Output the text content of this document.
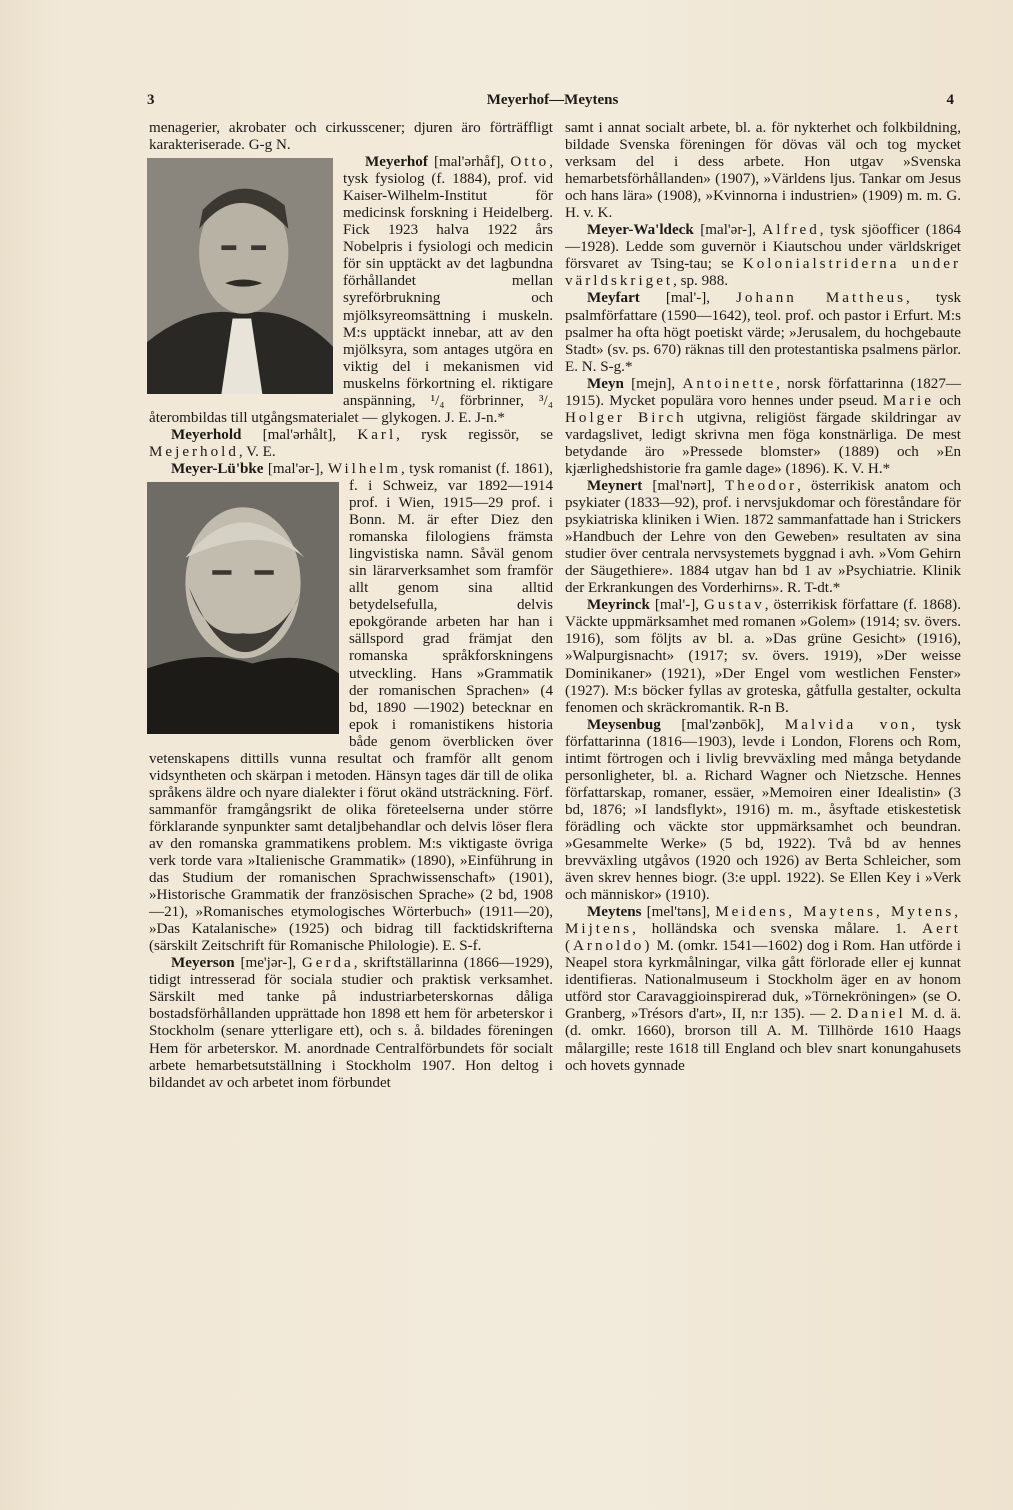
3	Meyerhof—Meytens	4

menagerier, akrobater och cirkusscener; djuren äro förträffligt karakteriserade. G-g N.

Meyerhof [mal'ərhåf], Otto
, tysk fysiolog (f. 1884), prof. vid Kaiser-Wilhelm-Institut för medicinsk forskning i Heidelberg. Fick 1923 halva 1922 års Nobelpris i fysiologi och medicin för sin upptäckt av det lagbundna förhållandet mellan syreförbrukning och mjölksyreomsättning i muskeln. M:s upptäckt innebar, att av den mjölksyra, som antages utgöra en viktig del i mekanismen vid muskelns förkortning el. riktigare anspänning, ¹/₄ förbrinner, ³/₄ återombildas till utgångsmaterialet — glykogen. J. E. J-n.*

Meyerhold [mal'ərhålt], Karl, rysk regissör, se Mejerhold, V. E.

Meyer-Lü'bke [mal'ər-], Wilhelm
, tysk romanist (f. 1861), f. i Schweiz, var 1892—1914 prof. i Wien, 1915—29 prof. i Bonn. M. är efter Diez den romanska filologiens främsta lingvistiska namn. Såväl genom sin lärarverksamhet som framför allt genom sina alltid betydelsefulla, delvis epokgörande arbeten har han i sällspord grad främjat den romanska språkforskningens utveckling. Hans »Grammatik der romanischen Sprachen» (4 bd, 1890 —1902) betecknar en epok i romanistikens historia både genom överblicken över vetenskapens dittills vunna resultat och framför allt genom vidsyntheten och skärpan i metoden. Hänsyn tages där till de olika språkens äldre och nyare dialekter i förut okänd utsträckning. Förf. sammanför framgångsrikt de olika företeelserna under större förklarande synpunkter samt detaljbehandlar och delvis löser flera av den romanska grammatikens problem. M:s viktigaste övriga verk torde vara »Italienische Grammatik» (1890), »Einführung in das Studium der romanischen Sprachwissenschaft» (1901), »Historische Grammatik der französischen Sprache» (2 bd, 1908—21), »Romanisches etymologisches Wörterbuch» (1911—20), »Das Katalanische» (1925) och bidrag till facktidskrifterna (särskilt Zeitschrift für Romanische Philologie). E. S-f.

Meyerson [me'jər-], Gerda, skriftställarinna (1866—1929), tidigt intresserad för sociala studier och praktisk verksamhet. Särskilt med tanke på industriarbeterskornas dåliga bostadsförhållanden upprättade hon 1898 ett hem för arbeterskor i Stockholm (senare ytterligare ett), och s. å. bildades föreningen Hem för arbeterskor. M. anordnade Centralförbundets för socialt arbete hemarbetsutställning i Stockholm 1907. Hon deltog i bildandet av och arbetet inom förbundet

samt i annat socialt arbete, bl. a. för nykterhet och folkbildning, bildade Svenska föreningen för dövas väl och tog mycket verksam del i dess arbete. Hon utgav »Svenska hemarbetsförhållanden» (1907), »Världens ljus. Tankar om Jesus och hans lära» (1908), »Kvinnorna i industrien» (1909) m. m. G. H. v. K.

Meyer-Wa'ldeck [mal'ər-], Alfred, tysk sjöofficer (1864—1928). Ledde som guvernör i Kiautschou under världskriget försvaret av Tsing-tau; se Kolonialstriderna under världskriget, sp. 988.

Meyfart [mal'-], Johann Mattheus, tysk psalmförfattare (1590—1642), teol. prof. och pastor i Erfurt. M:s psalmer ha ofta högt poetiskt värde; »Jerusalem, du hochgebaute Stadt» (sv. ps. 670) räknas till den protestantiska psalmens pärlor. E. N. S-g.*

Meyn [mejn], Antoinette, norsk författarinna (1827—1915). Mycket populära voro hennes under pseud. Marie och Holger Birch utgivna, religiöst färgade skildringar av vardagslivet, ledigt skrivna men föga konstnärliga. De mest betydande äro »Pressede blomster» (1889) och »En kjærlighedshistorie fra gamle dage» (1896). K. V. H.*

Meynert [mal'nərt], Theodor, österrikisk anatom och psykiater (1833—92), prof. i nervsjukdomar och föreståndare för psykiatriska kliniken i Wien. 1872 sammanfattade han i Strickers »Handbuch der Lehre von den Geweben» resultaten av sina studier över centrala nervsystemets byggnad i avh. »Vom Gehirn der Säugethiere». 1884 utgav han bd 1 av »Psychiatrie. Klinik der Erkrankungen des Vorderhirns». R. T-dt.*

Meyrinck [mal'-], Gustav, österrikisk författare (f. 1868). Väckte uppmärksamhet med romanen »Golem» (1914; sv. övers. 1916), som följts av bl. a. »Das grüne Gesicht» (1916), »Walpurgisnacht» (1917; sv. övers. 1919), »Der weisse Dominikaner» (1921), »Der Engel vom westlichen Fenster» (1927). M:s böcker fyllas av groteska, gåtfulla gestalter, ockulta fenomen och skräckromantik. R-n B.

Meysenbug [mal'zənbōk], Malvida von, tysk författarinna (1816—1903), levde i London, Florens och Rom, intimt förtrogen och i livlig brevväxling med många betydande personligheter, bl. a. Richard Wagner och Nietzsche. Hennes författarskap, romaner, essäer, »Memoiren einer Idealistin» (3 bd, 1876; »I landsflykt», 1916) m. m., åsyftade etiskestetisk förädling och väckte stor uppmärksamhet och beundran. »Gesammelte Werke» (5 bd, 1922). Två bd av hennes brevväxling utgåvos (1920 och 1926) av Berta Schleicher, som även skrev hennes biogr. (3:e uppl. 1922). Se Ellen Key i »Verk och människor» (1910).

Meytens [mel'təns], Meidens, Maytens, Mytens, Mijtens, holländska och svenska målare. 1. Aert (Arnoldo) M. (omkr. 1541—1602) dog i Rom. Han utförde i Neapel stora kyrkmålningar, vilka gått förlorade eller ej kunnat identifieras. Nationalmuseum i Stockholm äger en av honom utförd stor Caravaggioinspirerad duk, »Törnekröningen» (se O. Granberg, »Trésors d'art», II, n:r 135). — 2. Daniel M. d. ä. (d. omkr. 1660), brorson till A. M. Tillhörde 1610 Haags målargille; reste 1618 till England och blev snart konungahusets och hovets gynnade
